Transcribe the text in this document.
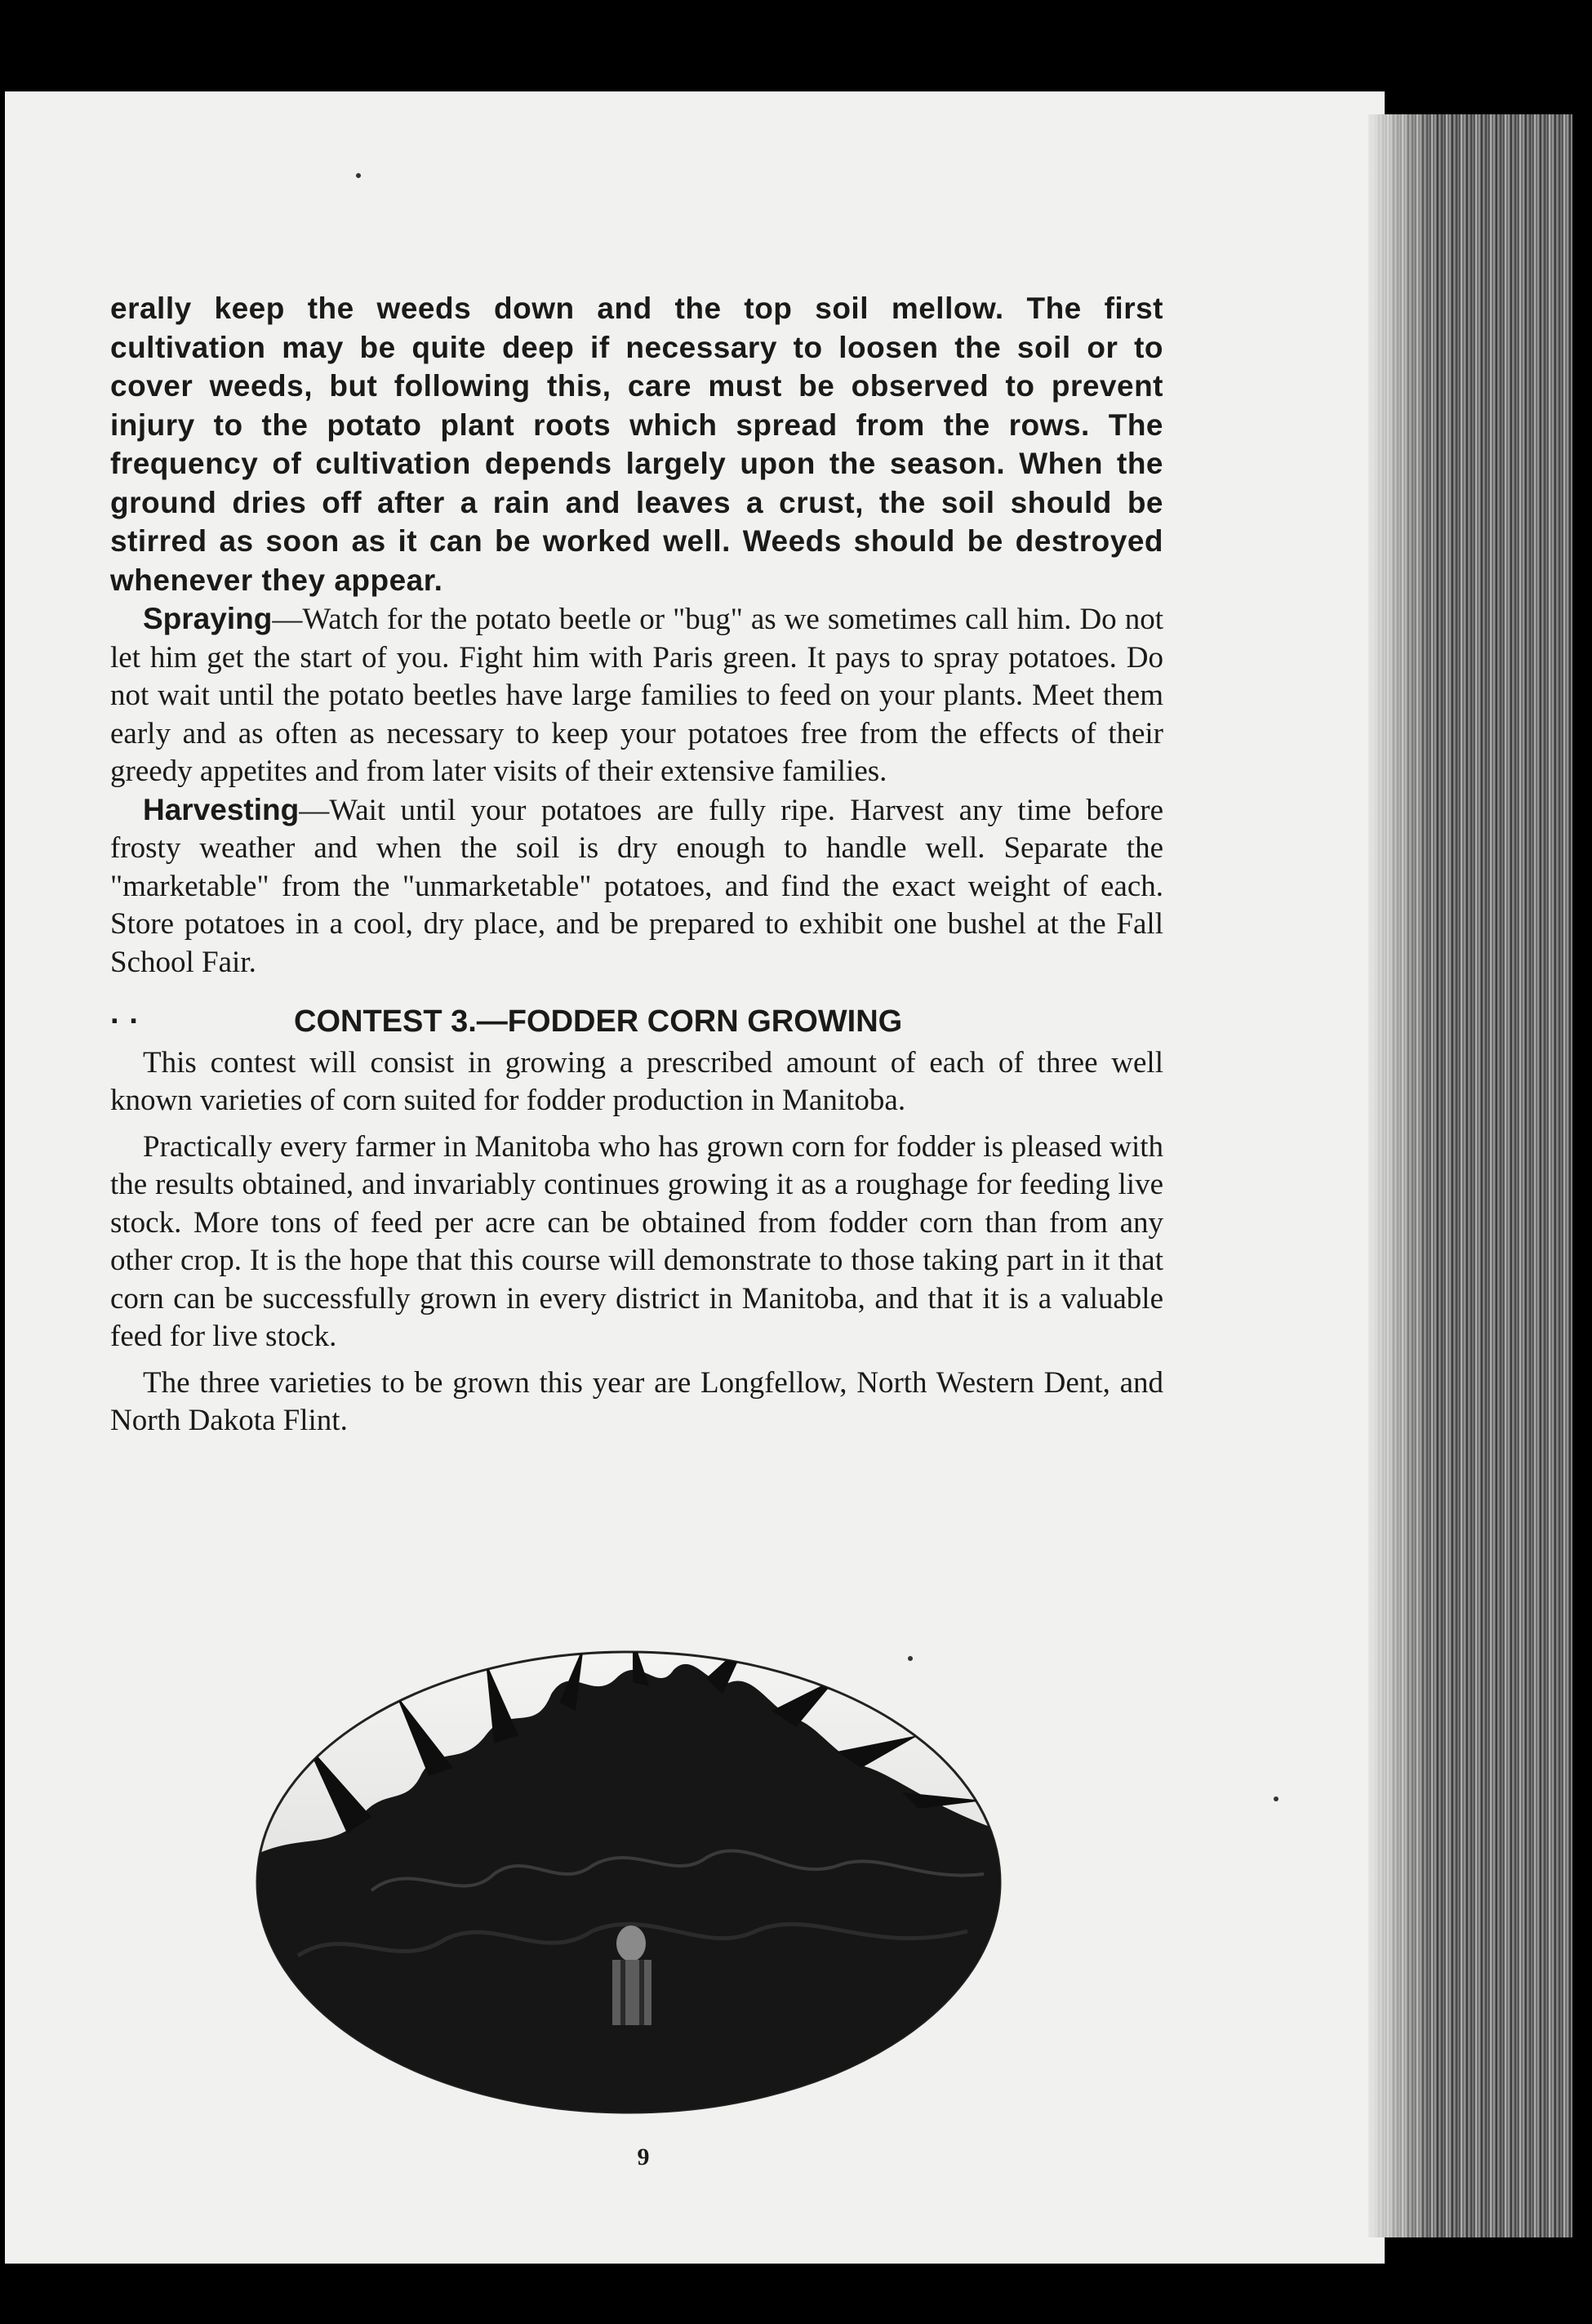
erally keep the weeds down and the top soil mellow. The first cultivation may be quite deep if necessary to loosen the soil or to cover weeds, but following this, care must be observed to prevent injury to the potato plant roots which spread from the rows. The frequency of cultivation depends largely upon the season. When the ground dries off after a rain and leaves a crust, the soil should be stirred as soon as it can be worked well. Weeds should be destroyed whenever they appear.

Spraying—Watch for the potato beetle or "bug" as we sometimes call him. Do not let him get the start of you. Fight him with Paris green. It pays to spray potatoes. Do not wait until the potato beetles have large families to feed on your plants. Meet them early and as often as necessary to keep your potatoes free from the effects of their greedy appetites and from later visits of their extensive families.

Harvesting—Wait until your potatoes are fully ripe. Harvest any time before frosty weather and when the soil is dry enough to handle well. Separate the "marketable" from the "unmarketable" potatoes, and find the exact weight of each. Store potatoes in a cool, dry place, and be prepared to exhibit one bushel at the Fall School Fair.

· ·	CONTEST 3.—FODDER CORN GROWING

This contest will consist in growing a prescribed amount of each of three well known varieties of corn suited for fodder production in Manitoba.

Practically every farmer in Manitoba who has grown corn for fodder is pleased with the results obtained, and invariably continues growing it as a roughage for feeding live stock. More tons of feed per acre can be obtained from fodder corn than from any other crop. It is the hope that this course will demonstrate to those taking part in it that corn can be successfully grown in every district in Manitoba, and that it is a valuable feed for live stock.

The three varieties to be grown this year are Longfellow, North Western Dent, and North Dakota Flint.

9
